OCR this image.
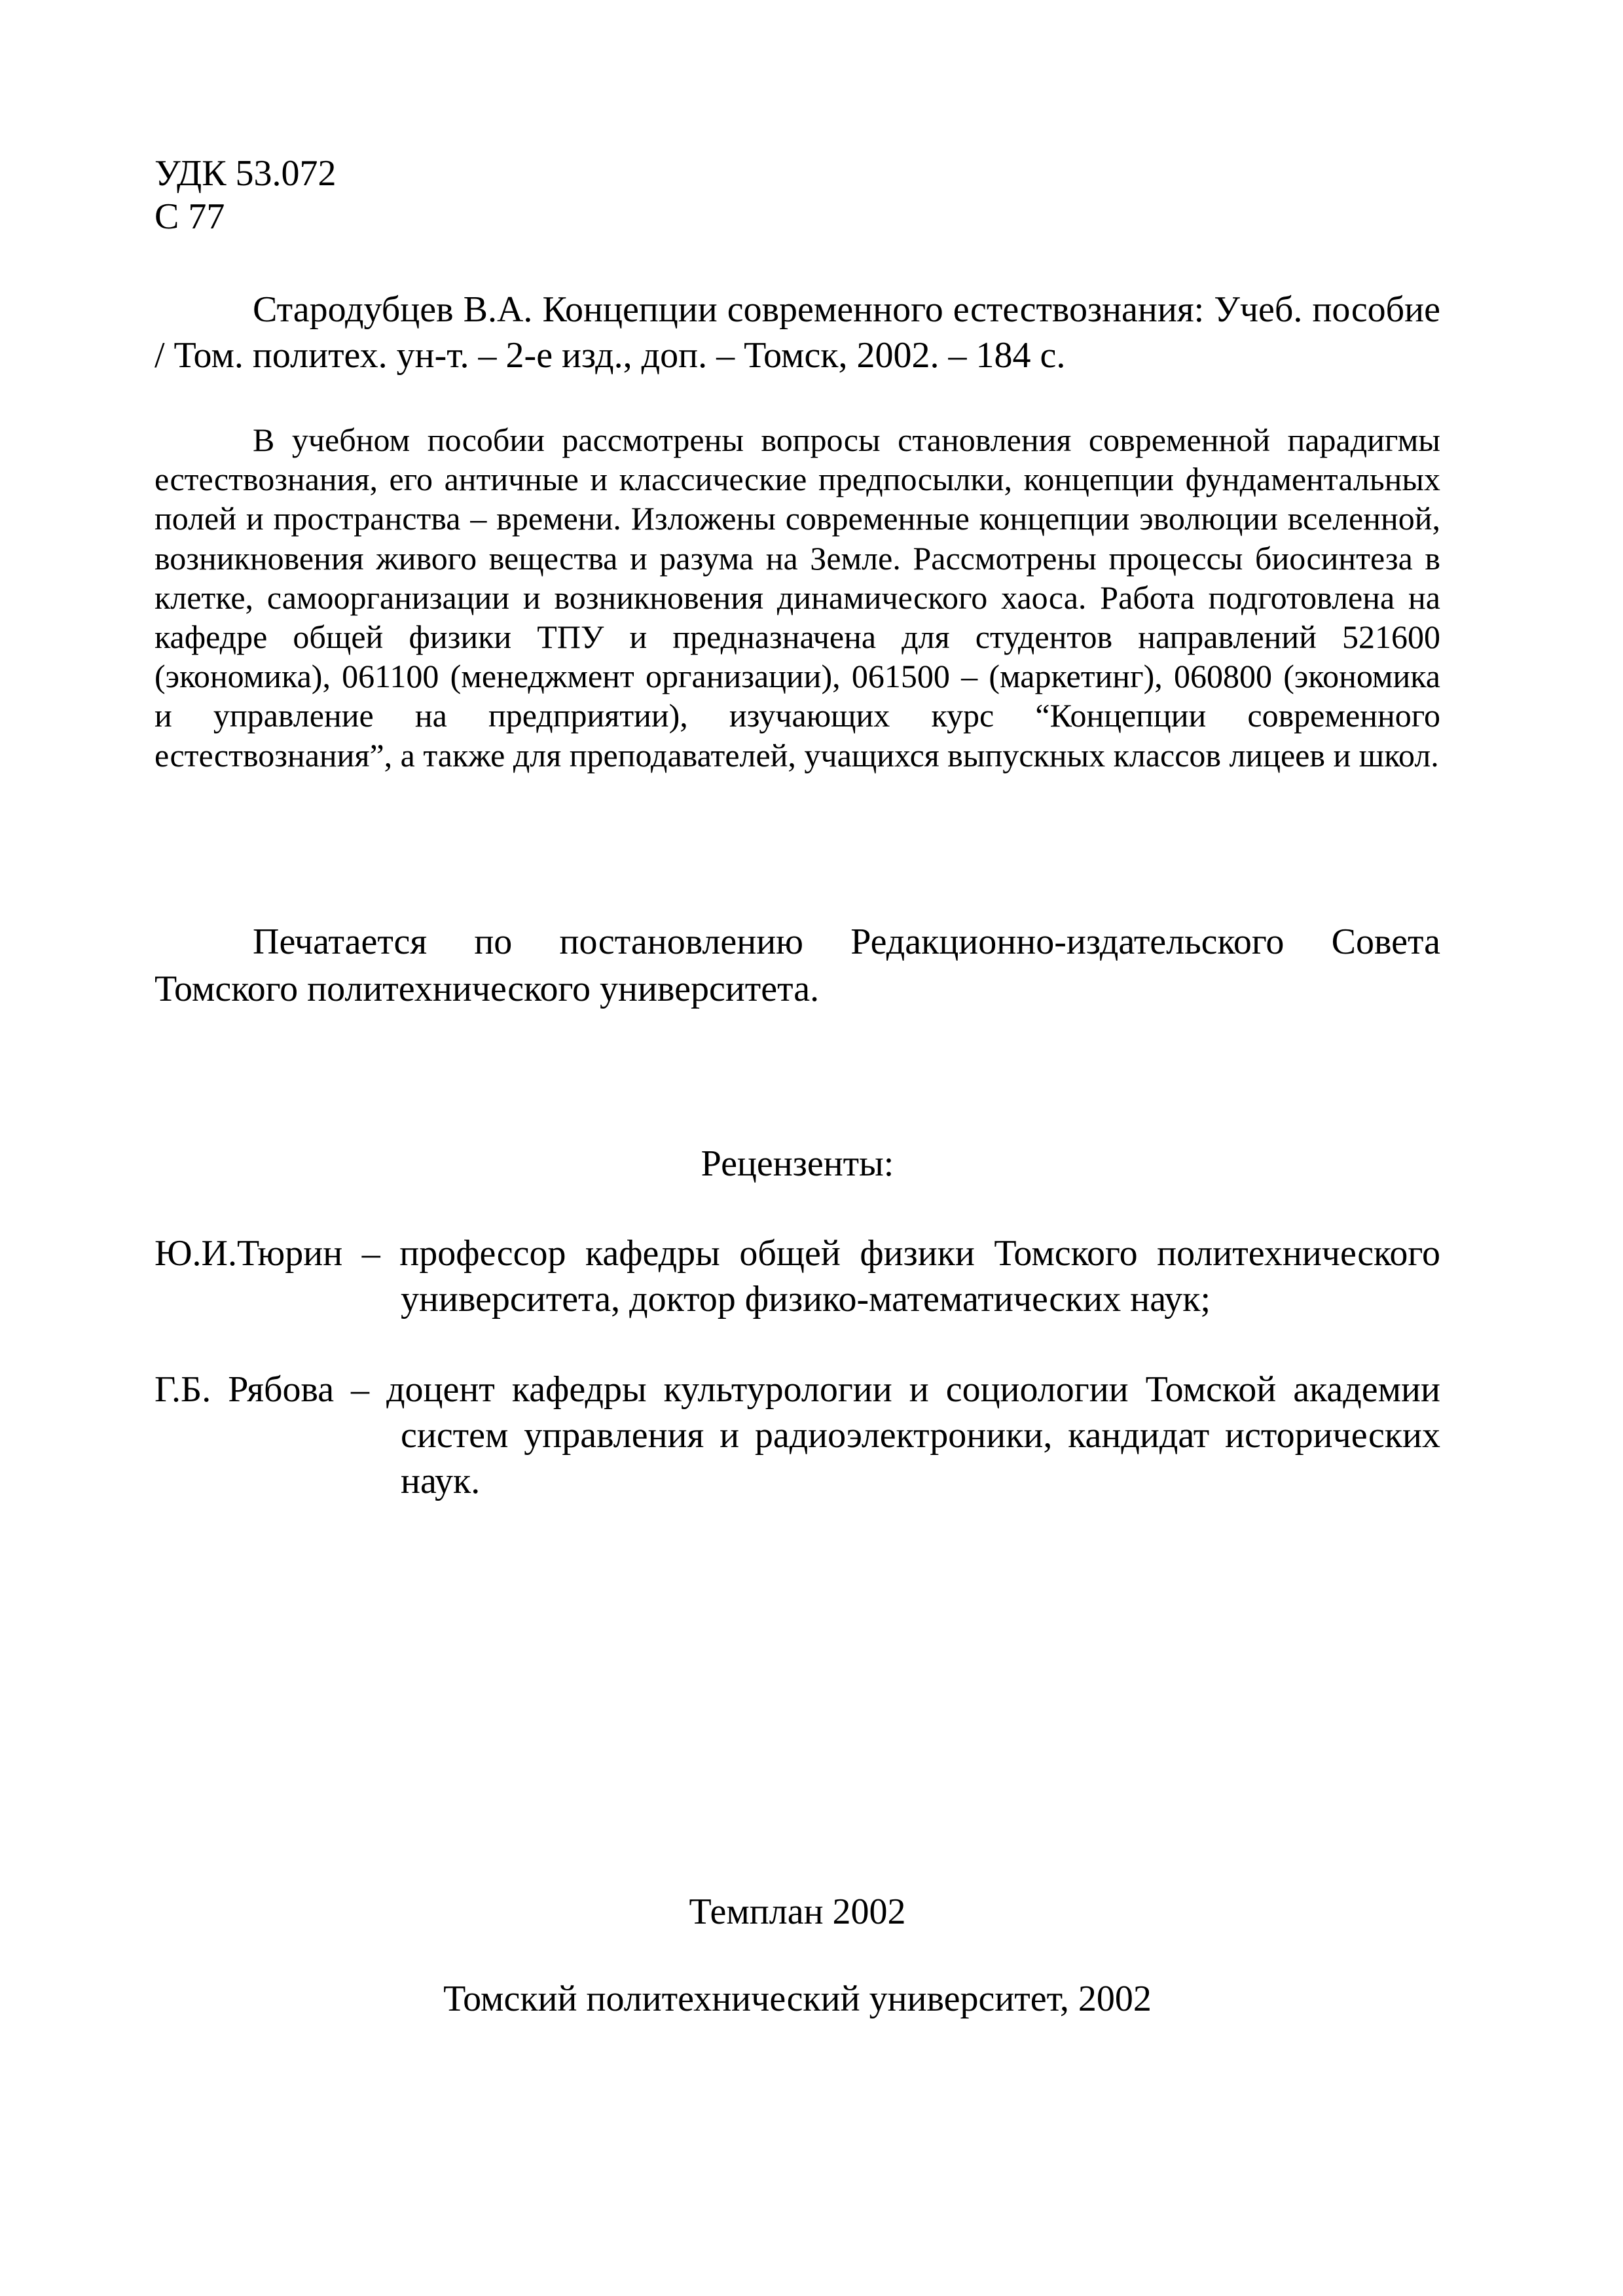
УДК 53.072
С 77

Стародубцев В.А. Концепции современного естествознания: Учеб. пособие / Том. политех. ун-т. – 2-е изд., доп. – Томск, 2002. – 184 с.

В учебном пособии рассмотрены вопросы становления современной парадигмы естествознания, его античные и классические предпосылки, концепции фундаментальных полей и пространства – времени. Изложены современные концепции эволюции вселенной, возникновения живого вещества и разума на Земле. Рассмотрены процессы биосинтеза в клетке, самоорганизации и возникновения динамического хаоса. Работа подготовлена на кафедре общей физики ТПУ и предназначена для студентов направлений 521600 (экономика), 061100 (менеджмент организации), 061500 – (маркетинг), 060800 (экономика и управление на предприятии), изучающих курс “Концепции современного естествознания”, а также для преподавателей, учащихся выпускных классов лицеев и школ.

Печатается по постановлению Редакционно-издательского Совета Томского политехнического университета.

Рецензенты:

Ю.И.Тюрин – профессор кафедры общей физики Томского политехнического университета, доктор физико-математических наук;

Г.Б. Рябова – доцент кафедры культурологии и социологии Томской академии систем управления и радиоэлектроники, кандидат исторических наук.

Темплан 2002
Томский политехнический университет, 2002
